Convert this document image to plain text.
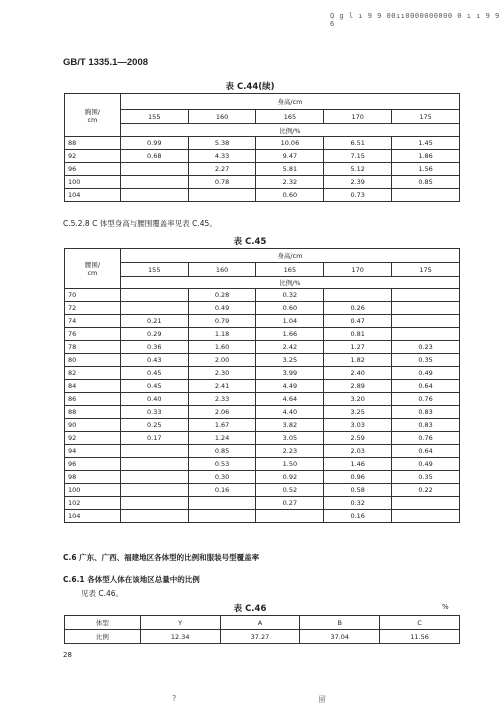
Q g l ı 9 9 00ıı0000000000 0 ı ı 9 9 6
GB/T 1335.1—2008
表 C.44(续)
胸围/
cm	身高/cm				
	155	160	165	170	175
	比例/%				
88	0.99	5.38	10.06	6.51	1.45
92	0.68	4.33	9.47	7.15	1.86
96		2.27	5.81	5.12	1.56
100		0.78	2.32	2.39	0.85
104			0.60	0.73	
C.5.2.8 C 体型身高与腰围覆盖率见表 C.45。
表 C.45
腰围/
cm	身高/cm				
	155	160	165	170	175
	比例/%				
70		0.28	0.32		
72		0.49	0.60	0.26	
74	0.21	0.79	1.04	0.47	
76	0.29	1.18	1.66	0.81	
78	0.36	1.60	2.42	1.27	0.23
80	0.43	2.00	3.25	1.82	0.35
82	0.45	2.30	3.99	2.40	0.49
84	0.45	2.41	4.49	2.89	0.64
86	0.40	2.33	4.64	3.20	0.76
88	0.33	2.06	4.40	3.25	0.83
90	0.25	1.67	3.82	3.03	0.83
92	0.17	1.24	3.05	2.59	0.76
94		0.85	2.23	2.03	0.64
96		0.53	1.50	1.46	0.49
98		0.30	0.92	0.96	0.35
100		0.16	0.52	0.58	0.22
102			0.27	0.32	
104				0.16	
C.6 广东、广西、福建地区各体型的比例和服装号型覆盖率
C.6.1 各体型人体在该地区总量中的比例
见表 C.46。
表 C.46	%
体型	Y	A	B	C
比例	12.34	37.27	37.04	11.56
28
?	留
